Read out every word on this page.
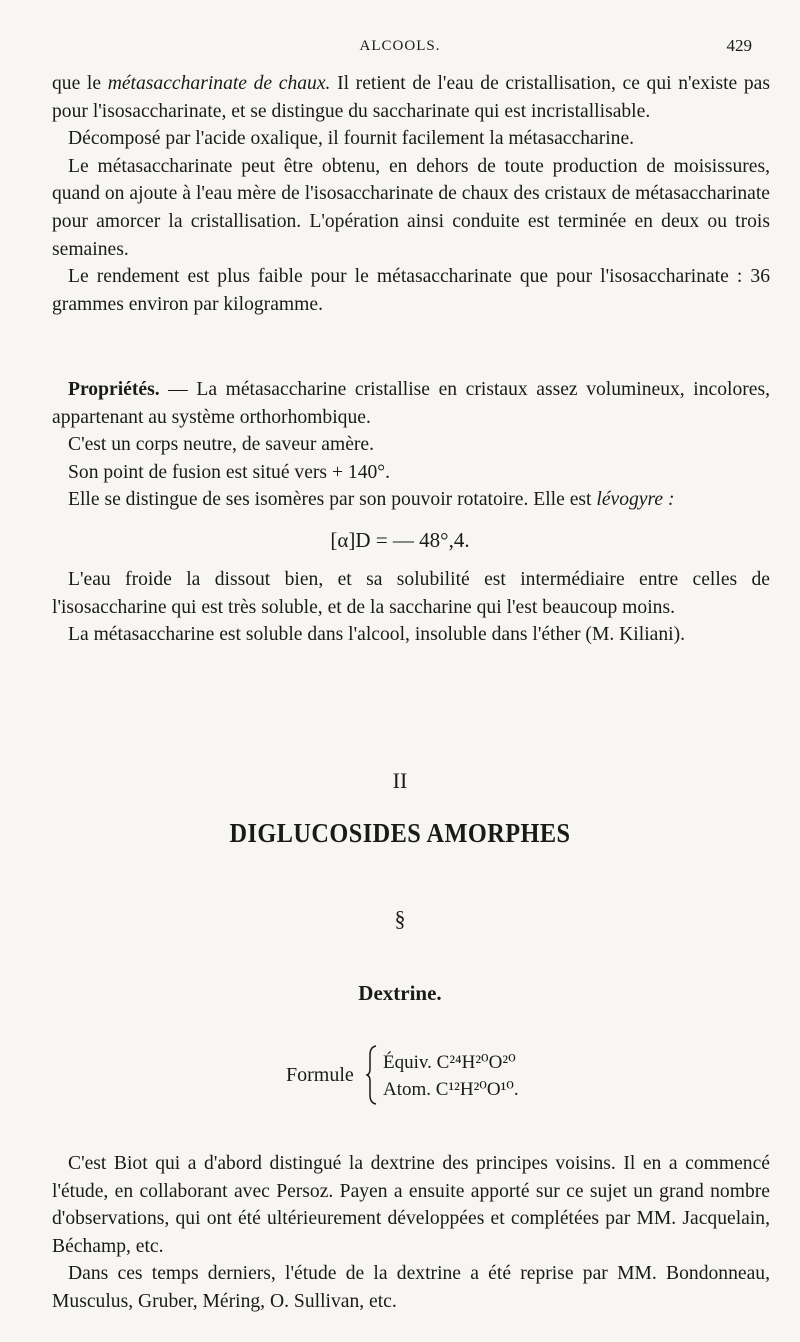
ALCOOLS.	429

que le métasaccharinate de chaux. Il retient de l'eau de cristallisation, ce qui n'existe pas pour l'isosaccharinate, et se distingue du saccharinate qui est incristallisable.

Décomposé par l'acide oxalique, il fournit facilement la métasaccharine.

Le métasaccharinate peut être obtenu, en dehors de toute production de moisissures, quand on ajoute à l'eau mère de l'isosaccharinate de chaux des cristaux de métasaccharinate pour amorcer la cristallisation. L'opération ainsi conduite est terminée en deux ou trois semaines.

Le rendement est plus faible pour le métasaccharinate que pour l'isosaccharinate : 36 grammes environ par kilogramme.

Propriétés. — La métasaccharine cristallise en cristaux assez volumineux, incolores, appartenant au système orthorhombique.

C'est un corps neutre, de saveur amère.

Son point de fusion est situé vers + 140°.

Elle se distingue de ses isomères par son pouvoir rotatoire. Elle est lévogyre :

[α]D = — 48°,4.

L'eau froide la dissout bien, et sa solubilité est intermédiaire entre celles de l'isosaccharine qui est très soluble, et de la saccharine qui l'est beaucoup moins.

La métasaccharine est soluble dans l'alcool, insoluble dans l'éther (M. Kiliani).

II
DIGLUCOSIDES AMORPHES
§
Dextrine.
Formule
Équiv. C²⁴H²⁰O²⁰
Atom. C¹²H²⁰O¹⁰.

C'est Biot qui a d'abord distingué la dextrine des principes voisins. Il en a commencé l'étude, en collaborant avec Persoz. Payen a ensuite apporté sur ce sujet un grand nombre d'observations, qui ont été ultérieurement développées et complétées par MM. Jacquelain, Béchamp, etc.

Dans ces temps derniers, l'étude de la dextrine a été reprise par MM. Bondonneau, Musculus, Gruber, Méring, O. Sullivan, etc.
